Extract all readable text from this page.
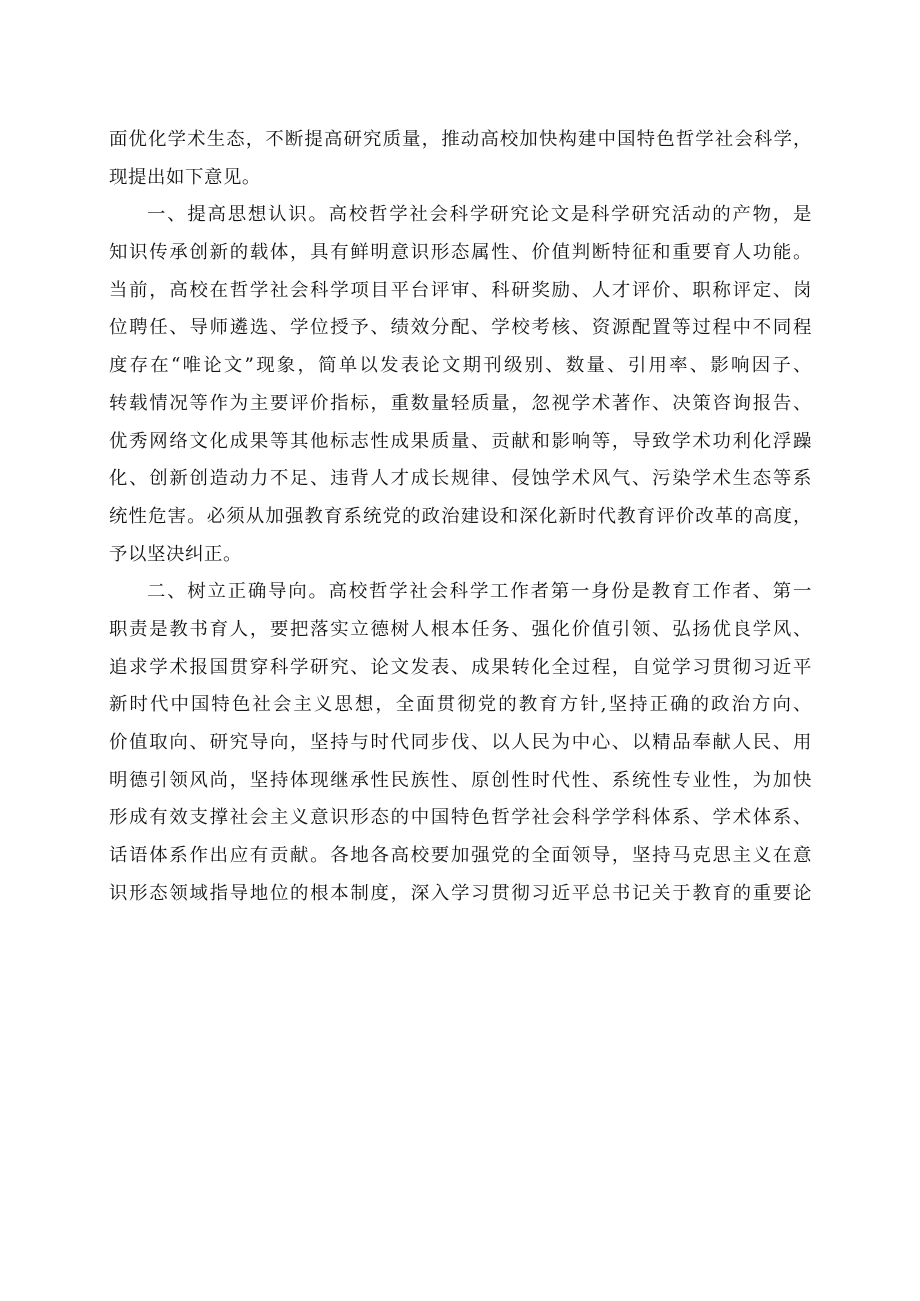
面优化学术生态，不断提高研究质量，推动高校加快构建中国特色哲学社会科学，
现提出如下意见。
一、提高思想认识。高校哲学社会科学研究论文是科学研究活动的产物，是
知识传承创新的载体，具有鲜明意识形态属性、价值判断特征和重要育人功能。
当前，高校在哲学社会科学项目平台评审、科研奖励、人才评价、职称评定、岗
位聘任、导师遴选、学位授予、绩效分配、学校考核、资源配置等过程中不同程
度存在“唯论文”现象，简单以发表论文期刊级别、数量、引用率、影响因子、
转载情况等作为主要评价指标，重数量轻质量，忽视学术著作、决策咨询报告、
优秀网络文化成果等其他标志性成果质量、贡献和影响等，导致学术功利化浮躁
化、创新创造动力不足、违背人才成长规律、侵蚀学术风气、污染学术生态等系
统性危害。必须从加强教育系统党的政治建设和深化新时代教育评价改革的高度，
予以坚决纠正。
二、树立正确导向。高校哲学社会科学工作者第一身份是教育工作者、第一
职责是教书育人，要把落实立德树人根本任务、强化价值引领、弘扬优良学风、
追求学术报国贯穿科学研究、论文发表、成果转化全过程，自觉学习贯彻习近平
新时代中国特色社会主义思想，全面贯彻党的教育方针,坚持正确的政治方向、
价值取向、研究导向，坚持与时代同步伐、以人民为中心、以精品奉献人民、用
明德引领风尚，坚持体现继承性民族性、原创性时代性、系统性专业性，为加快
形成有效支撑社会主义意识形态的中国特色哲学社会科学学科体系、学术体系、
话语体系作出应有贡献。各地各高校要加强党的全面领导，坚持马克思主义在意
识形态领域指导地位的根本制度，深入学习贯彻习近平总书记关于教育的重要论
